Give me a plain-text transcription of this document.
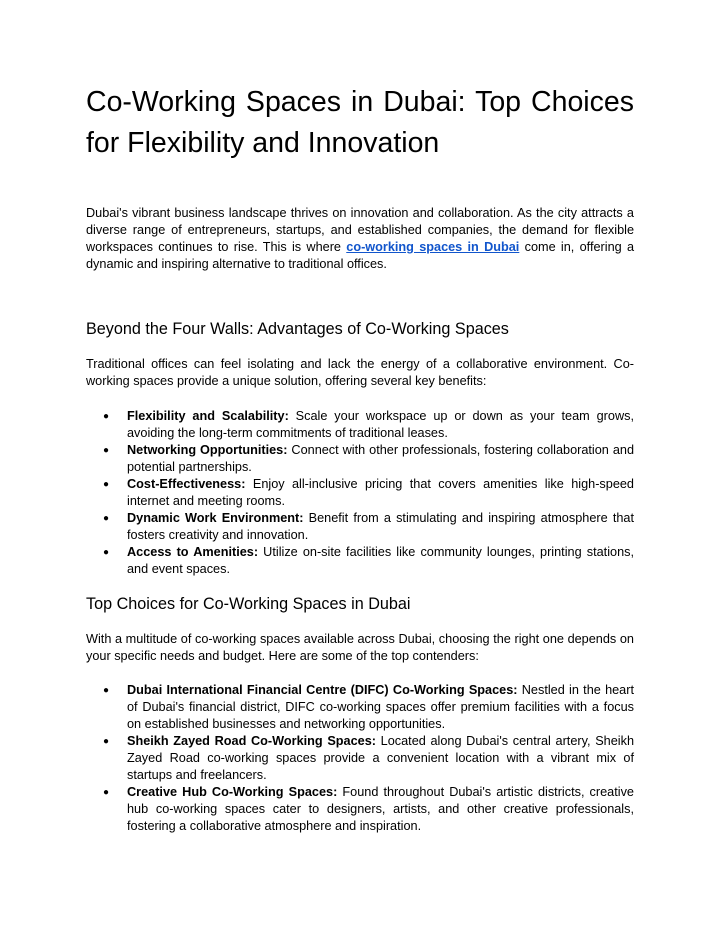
Co-Working Spaces in Dubai: Top Choices for Flexibility and Innovation

Dubai's vibrant business landscape thrives on innovation and collaboration. As the city attracts a diverse range of entrepreneurs, startups, and established companies, the demand for flexible workspaces continues to rise. This is where co-working spaces in Dubai come in, offering a dynamic and inspiring alternative to traditional offices.

Beyond the Four Walls: Advantages of Co-Working Spaces

Traditional offices can feel isolating and lack the energy of a collaborative environment. Co-working spaces provide a unique solution, offering several key benefits:

● Flexibility and Scalability: Scale your workspace up or down as your team grows, avoiding the long-term commitments of traditional leases.
● Networking Opportunities: Connect with other professionals, fostering collaboration and potential partnerships.
● Cost-Effectiveness: Enjoy all-inclusive pricing that covers amenities like high-speed internet and meeting rooms.
● Dynamic Work Environment: Benefit from a stimulating and inspiring atmosphere that fosters creativity and innovation.
● Access to Amenities: Utilize on-site facilities like community lounges, printing stations, and event spaces.
Top Choices for Co-Working Spaces in Dubai

With a multitude of co-working spaces available across Dubai, choosing the right one depends on your specific needs and budget. Here are some of the top contenders:

● Dubai International Financial Centre (DIFC) Co-Working Spaces: Nestled in the heart of Dubai's financial district, DIFC co-working spaces offer premium facilities with a focus on established businesses and networking opportunities.
● Sheikh Zayed Road Co-Working Spaces: Located along Dubai's central artery, Sheikh Zayed Road co-working spaces provide a convenient location with a vibrant mix of startups and freelancers.
● Creative Hub Co-Working Spaces: Found throughout Dubai's artistic districts, creative hub co-working spaces cater to designers, artists, and other creative professionals, fostering a collaborative atmosphere and inspiration.
